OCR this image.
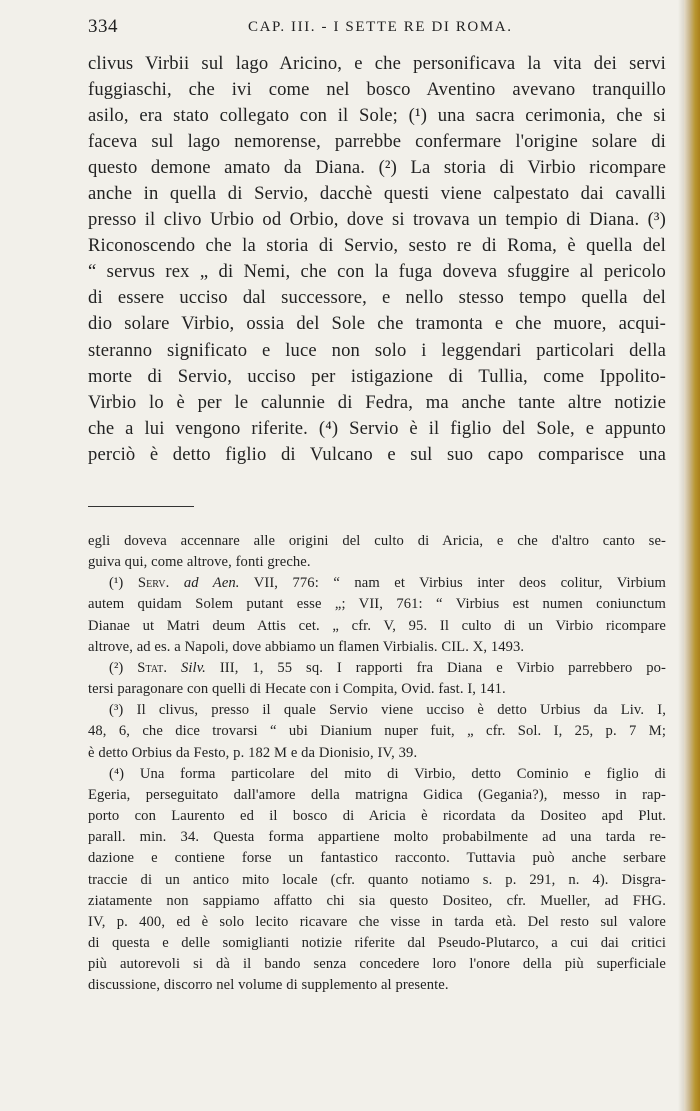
334	CAP. III. - I SETTE RE DI ROMA.
clivus Virbii sul lago Aricino, e che personificava la vita dei servi
fuggiaschi, che ivi come nel bosco Aventino avevano tranquillo
asilo, era stato collegato con il Sole; (¹) una sacra cerimonia, che si
faceva sul lago nemorense, parrebbe confermare l'origine solare di
questo demone amato da Diana. (²) La storia di Virbio ricompare
anche in quella di Servio, dacchè questi viene calpestato dai cavalli
presso il clivo Urbio od Orbio, dove si trovava un tempio di Diana. (³)
Riconoscendo che la storia di Servio, sesto re di Roma, è quella del
“ servus rex „ di Nemi, che con la fuga doveva sfuggire al pericolo
di essere ucciso dal successore, e nello stesso tempo quella del
dio solare Virbio, ossia del Sole che tramonta e che muore, acqui-
steranno significato e luce non solo i leggendari particolari della
morte di Servio, ucciso per istigazione di Tullia, come Ippolito-
Virbio lo è per le calunnie di Fedra, ma anche tante altre notizie
che a lui vengono riferite. (⁴) Servio è il figlio del Sole, e appunto
perciò è detto figlio di Vulcano e sul suo capo comparisce una
egli doveva accennare alle origini del culto di Aricia, e che d'altro canto se-
guiva qui, come altrove, fonti greche.
(¹) Serv. ad Aen. VII, 776: “ nam et Virbius inter deos colitur, Virbium
autem quidam Solem putant esse „; VII, 761: “ Virbius est numen coniunctum
Dianae ut Matri deum Attis cet. „ cfr. V, 95. Il culto di un Virbio ricompare
altrove, ad es. a Napoli, dove abbiamo un flamen Virbialis. CIL. X, 1493.
(²) Stat. Silv. III, 1, 55 sq. I rapporti fra Diana e Virbio parrebbero po-
tersi paragonare con quelli di Hecate con i Compita, Ovid. fast. I, 141.
(³) Il clivus, presso il quale Servio viene ucciso è detto Urbius da Liv. I,
48, 6, che dice trovarsi “ ubi Dianium nuper fuit, „ cfr. Sol. I, 25, p. 7 M;
è detto Orbius da Festo, p. 182 M e da Dionisio, IV, 39.
(⁴) Una forma particolare del mito di Virbio, detto Cominio e figlio di
Egeria, perseguitato dall'amore della matrigna Gidica (Gegania?), messo in rap-
porto con Laurento ed il bosco di Aricia è ricordata da Dositeo apd Plut.
parall. min. 34. Questa forma appartiene molto probabilmente ad una tarda re-
dazione e contiene forse un fantastico racconto. Tuttavia può anche serbare
traccie di un antico mito locale (cfr. quanto notiamo s. p. 291, n. 4). Disgra-
ziatamente non sappiamo affatto chi sia questo Dositeo, cfr. Mueller, ad FHG.
IV, p. 400, ed è solo lecito ricavare che visse in tarda età. Del resto sul valore
di questa e delle somiglianti notizie riferite dal Pseudo-Plutarco, a cui dai critici
più autorevoli si dà il bando senza concedere loro l'onore della più superficiale
discussione, discorro nel volume di supplemento al presente.
